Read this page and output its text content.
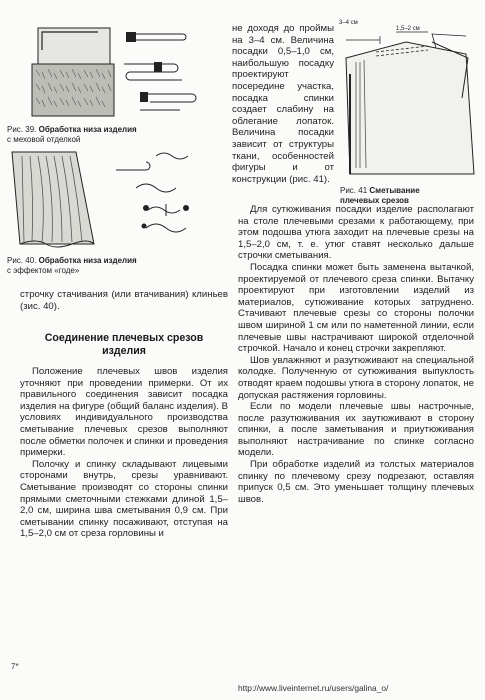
Рис. 39. Обработка низа изделия
с меховой отделкой
Рис. 40. Обработка низа изделия
с эффектом «годе»
3–4 см
1,5–2 см
Рис. 41 Сметывание плечевых срезов

строчку стачивания (или втачивания) клиньев (зис. 40).

Соединение плечевых срезов изделия

Положение плечевых швов изделия уточняют при проведении примерки. От их правильного соединения зависит посадка изделия на фигуре (общий баланс изделия). В условиях индивидуального производства сметывание плечевых срезов выполняют после обметки полочек и спинки и проведения примерки.

Полочку и спинку складывают лицевыми сторонами внутрь, срезы уравнивают. Сметывание производят со стороны спинки прямыми сметочными стежками длиной 1,5–2,0 см, ширина шва сметывания 0,9 см. При сметывании спинку посаживают, отступая на 1,5–2,0 см от среза горловины и

не доходя до проймы на 3–4 см. Величина посадки 0,5–1,0 см, наибольшую посадку проектируют посередине участка, посадка спинки создает слабину на облегание лопаток. Величина посадки зависит от структуры ткани, особенностей фигуры и от конструкции (рис. 41).

Для сутюживания посадки изделие располагают на столе плечевыми срезами к работающему, при этом подошва утюга заходит на плечевые срезы на 1,5–2,0 см, т. е. утюг ставят несколько дальше строчки сметывания.

Посадка спинки может быть заменена вытачкой, проектируемой от плечевого среза спинки. Вытачку проектируют при изготовлении изделий из материалов, сутюживание которых затруднено. Стачивают плечевые срезы со стороны полочки швом шириной 1 см или по наметенной линии, если плечевые швы настрачивают широкой отделочной строчкой. Начало и конец строчки закрепляют.

Шов увлажняют и разутюживают на специальной колодке. Полученную от сутюживания выпуклость отводят краем подошвы утюга в сторону лопаток, не допуская растяжения горловины.

Если по модели плечевые швы настрочные, после разутюживания их заутюживают в сторону спинки, а после заметывания и приутюживания выполняют настрачивание по спинке согласно модели.

При обработке изделий из толстых материалов спинку по плечевому срезу подрезают, оставляя припуск 0,5 см. Это уменьшает толщину плечевых швов.

7*
http://www.liveinternet.ru/users/galina_o/
